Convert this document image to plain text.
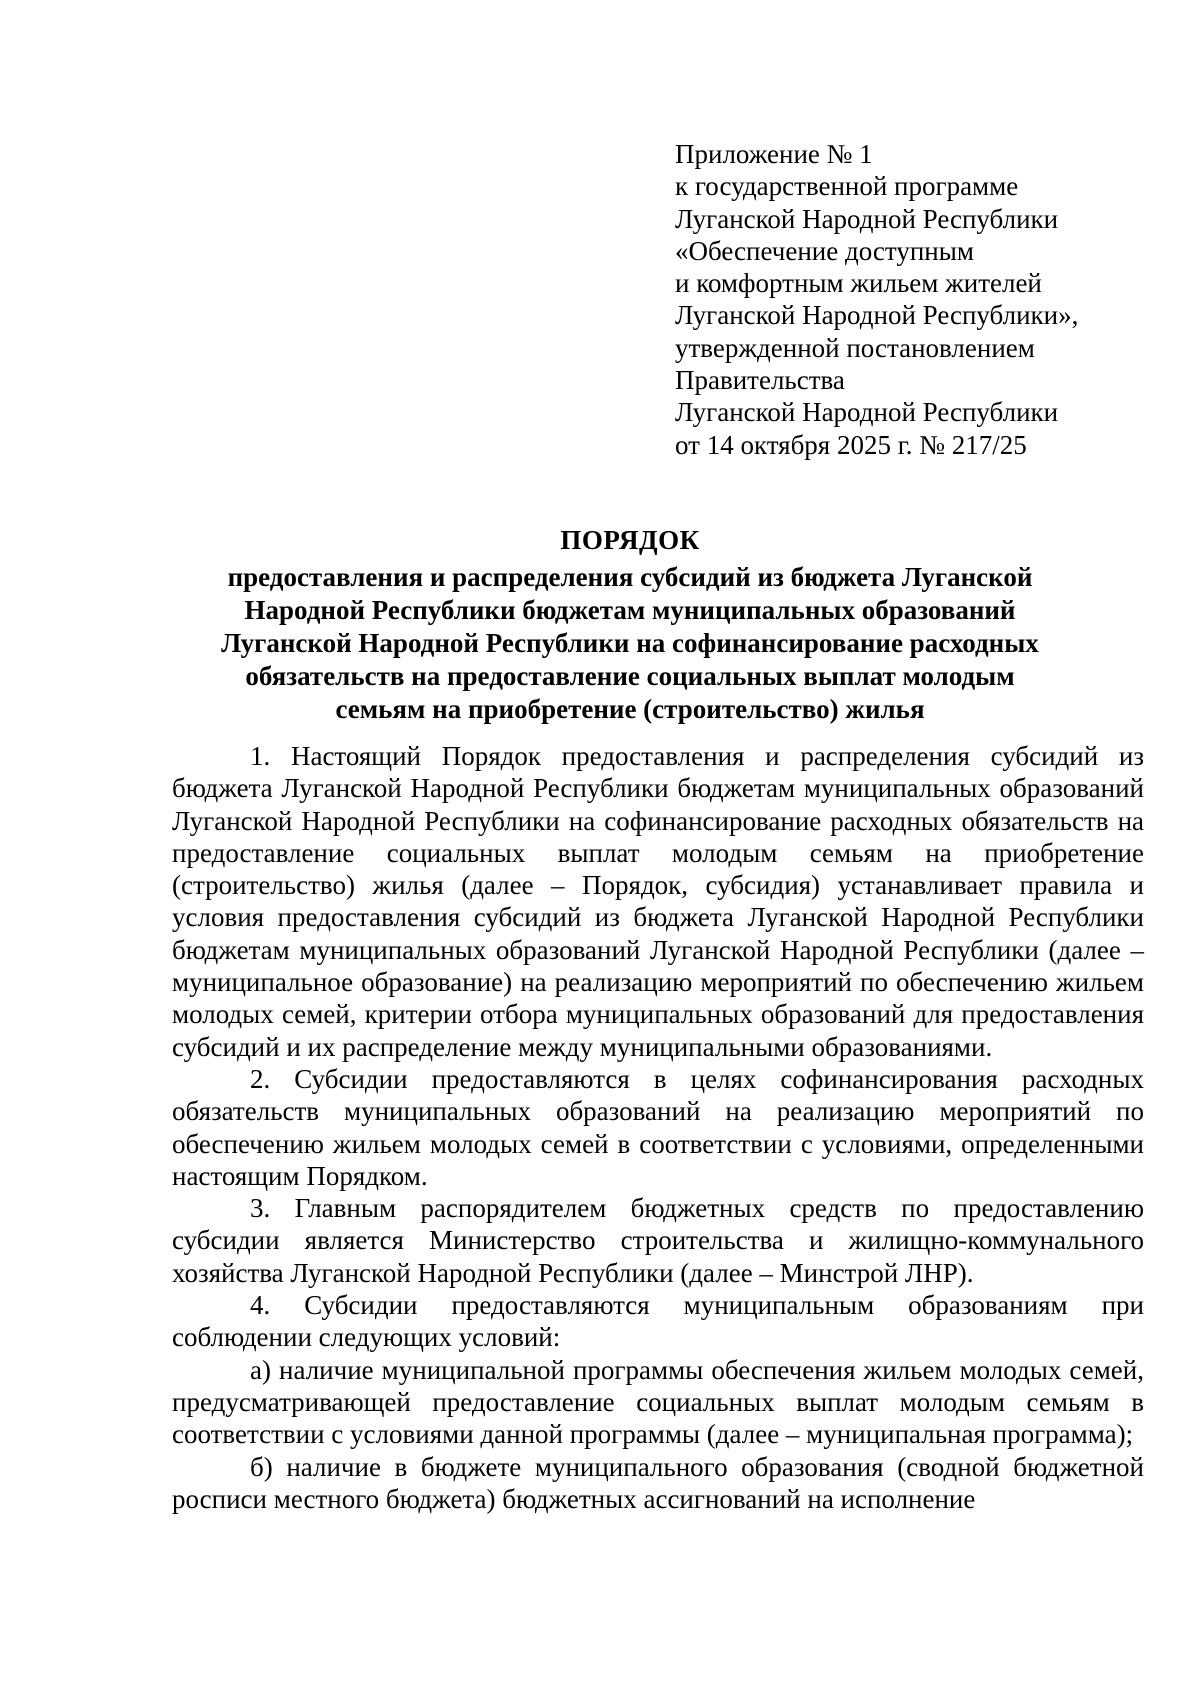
Приложение № 1
к государственной программе
Луганской Народной Республики
«Обеспечение доступным
и комфортным жильем жителей
Луганской Народной Республики»,
утвержденной постановлением
Правительства
Луганской Народной Республики
от 14 октября 2025 г. № 217/25
ПОРЯДОК
предоставления и распределения субсидий из бюджета Луганской Народной Республики бюджетам муниципальных образований Луганской Народной Республики на софинансирование расходных обязательств на предоставление социальных выплат молодым семьям на приобретение (строительство) жилья

1. Настоящий Порядок предоставления и распределения субсидий из бюджета Луганской Народной Республики бюджетам муниципальных образований Луганской Народной Республики на софинансирование расходных обязательств на предоставление социальных выплат молодым семьям на приобретение (строительство) жилья (далее – Порядок, субсидия) устанавливает правила и условия предоставления субсидий из бюджета Луганской Народной Республики бюджетам муниципальных образований Луганской Народной Республики (далее – муниципальное образование) на реализацию мероприятий по обеспечению жильем молодых семей, критерии отбора муниципальных образований для предоставления субсидий и их распределение между муниципальными образованиями.

2. Субсидии предоставляются в целях софинансирования расходных обязательств муниципальных образований на реализацию мероприятий по обеспечению жильем молодых семей в соответствии с условиями, определенными настоящим Порядком.

3. Главным распорядителем бюджетных средств по предоставлению субсидии является Министерство строительства и жилищно-коммунального хозяйства Луганской Народной Республики (далее – Минстрой ЛНР).

4. Субсидии предоставляются муниципальным образованиям при соблюдении следующих условий:

а) наличие муниципальной программы обеспечения жильем молодых семей, предусматривающей предоставление социальных выплат молодым семьям в соответствии с условиями данной программы (далее – муниципальная программа);

б) наличие в бюджете муниципального образования (сводной бюджетной росписи местного бюджета) бюджетных ассигнований на исполнение
